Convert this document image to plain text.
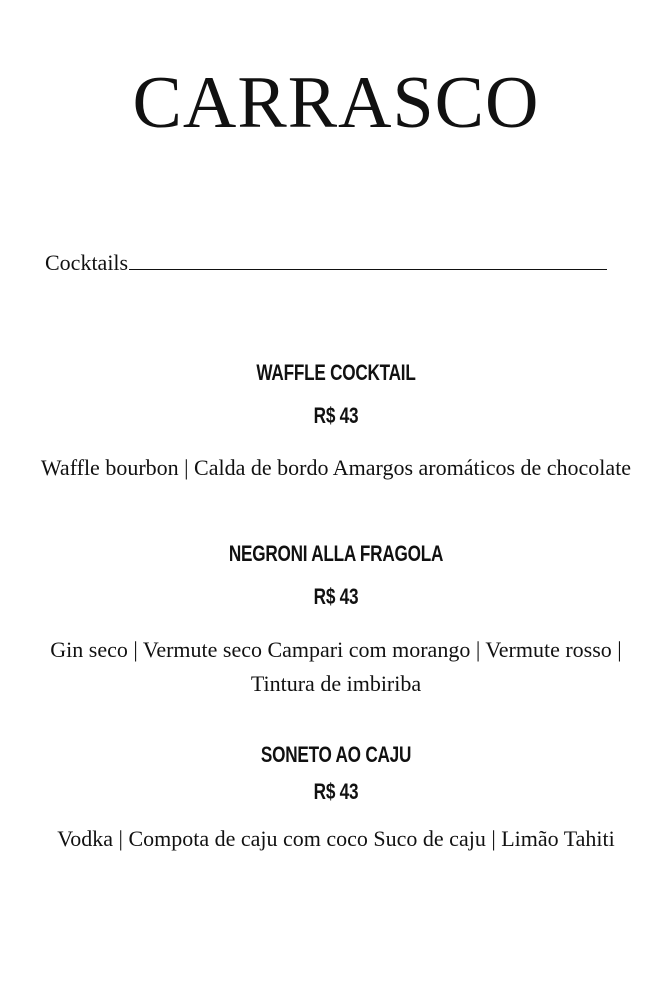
CARRASCO
Cocktails
WAFFLE COCKTAIL
R$ 43
Waffle bourbon | Calda de bordo Amargos aromáticos de chocolate
NEGRONI ALLA FRAGOLA
R$ 43
Gin seco | Vermute seco Campari com morango | Vermute rosso | Tintura de imbiriba
SONETO AO CAJU
R$ 43
Vodka | Compota de caju com coco Suco de caju | Limão Tahiti
